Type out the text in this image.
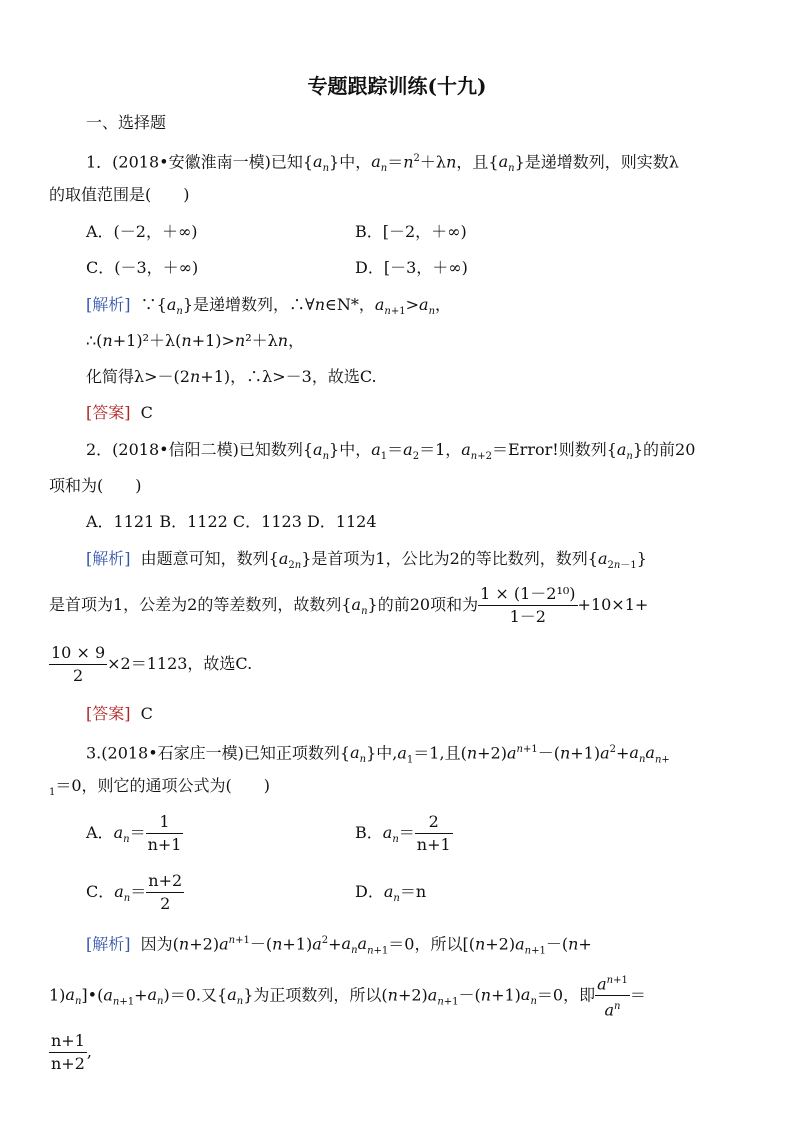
专题跟踪训练(十九)
一、选择题
1．(2018•安徽淮南一模)已知$\{a_n\}$中，$a_n=n^2+\lambda n$，且$\{a_n\}$是递增数列，则实数λ
的取值范围是(　　)
A．(－2，＋∞)	B．[－2，＋∞)
C．(－3，＋∞)	D．[－3，＋∞)
[解析] $\because\{a_n\}$是递增数列，∴∀n∈N*，$a_{n+1}>a_n$，
∴(n+1)²＋λ(n+1)>n²＋λn，
化简得λ>－(2n+1)，∴λ>－3，故选C.
[答案] C
2．(2018•信阳二模)已知数列$\{a_n\}$中，$a_1=a_2=1$，$a_{n+2}=Error$!则数列$\{a_n\}$的前20
项和为(　　)
A．1121 B．1122 C．1123 D．1124
[解析] 由题意可知，数列$\{a_{2n}\}$是首项为1，公比为2的等比数列，数列$\{a_{2n-1}\}$
是首项为1，公差为2的等差数列，故数列$\{a_n\}$的前20项和为 $\frac{\text{1 × (1－2¹⁰)}}{1-2} +10\times 1+$
$\frac{10 \times 9}{2} \times 2=1123$，故选C.
[答案] C
3.(2018•石家庄一模)已知正项数列$\{a_n\}$中$,a_1=1$,且$(n+2)a^{n+1}-(n+1)a^2+a_na_{n+}$
$_1$＝0，则它的通项公式为(　　)
A．$a_n= \frac{1}{n+1}$	B．$a_n= \frac{2}{n+1}$
C．$a_n= \frac{n+2}{2}$	D．$a_n=n$
[解析] 因为$(n+2)a^{n+1}-(n+1)a^2+a_na_{n+1}=0$，所以[$(n+2)a_{n+1}-(n+$
$1)a_n]•(a_{n+1}+a_n)=0$.又$\{a_n\}$为正项数列，所以$(n+2)a_{n+1}-(n+1)a_n=0$，即 $\frac{a^{n+1}}{a^n}$ ＝
$\frac{n+1}{n+2}$ ,
